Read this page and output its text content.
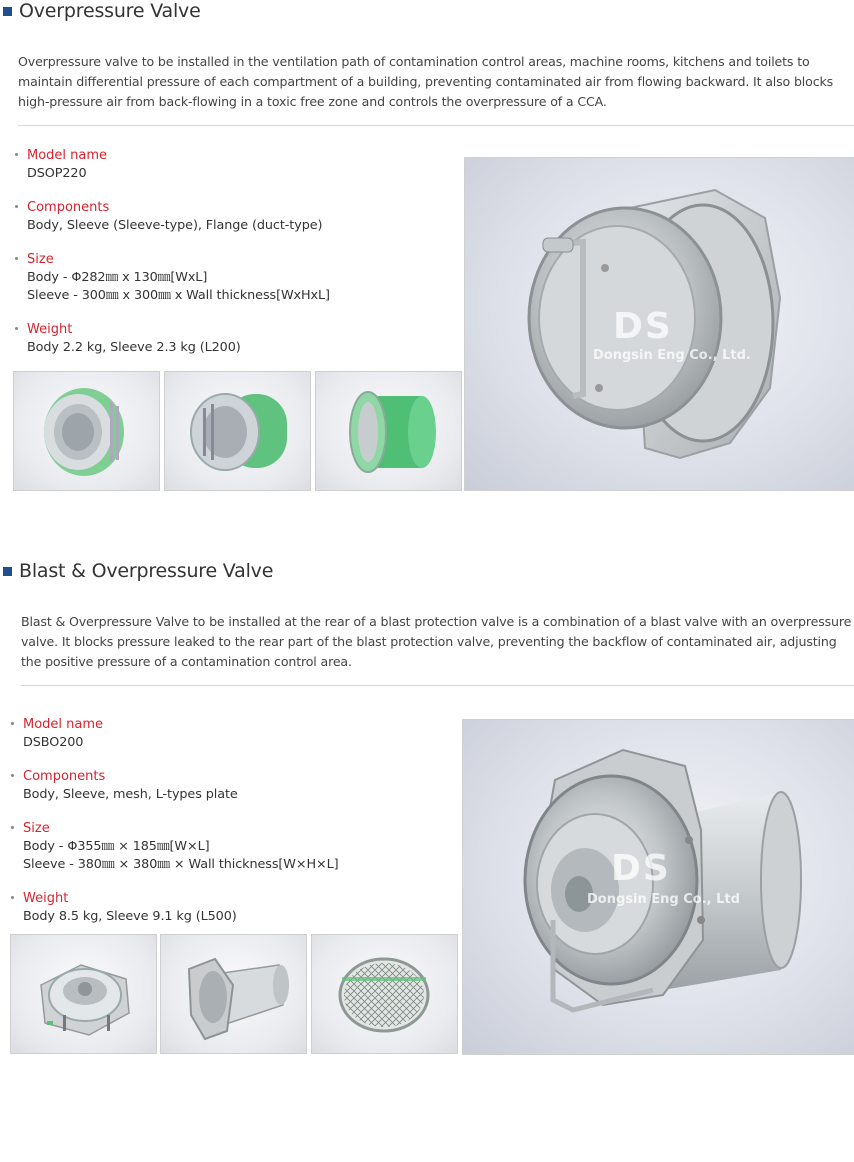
Overpressure Valve
Overpressure valve to be installed in the ventilation path of contamination control areas, machine rooms, kitchens and toilets to maintain differential pressure of each compartment of a building, preventing contaminated air from flowing backward. It also blocks high-pressure air from back-flowing in a toxic free zone and controls the overpressure of a CCA.
Model name
DSOP220
Components
Body, Sleeve (Sleeve-type), Flange (duct-type)
Size
Body - Φ282㎜ x 130㎜[WxL]
Sleeve - 300㎜ x 300㎜ x Wall thickness[WxHxL]
Weight
Body 2.2 kg, Sleeve 2.3 kg (L200)
DS
Dongsin Eng Co., Ltd.
Blast & Overpressure Valve
Blast & Overpressure Valve to be installed at the rear of a blast protection valve is a combination of a blast valve with an overpressure valve. It blocks pressure leaked to the rear part of the blast protection valve, preventing the backflow of contaminated air, adjusting the positive pressure of a contamination control area.
Model name
DSBO200
Components
Body, Sleeve, mesh, L-types plate
Size
Body - Φ355㎜ × 185㎜[W×L]
Sleeve - 380㎜ × 380㎜ × Wall thickness[W×H×L]
Weight
Body 8.5 kg, Sleeve 9.1 kg (L500)
DS
Dongsin Eng Co., Ltd
